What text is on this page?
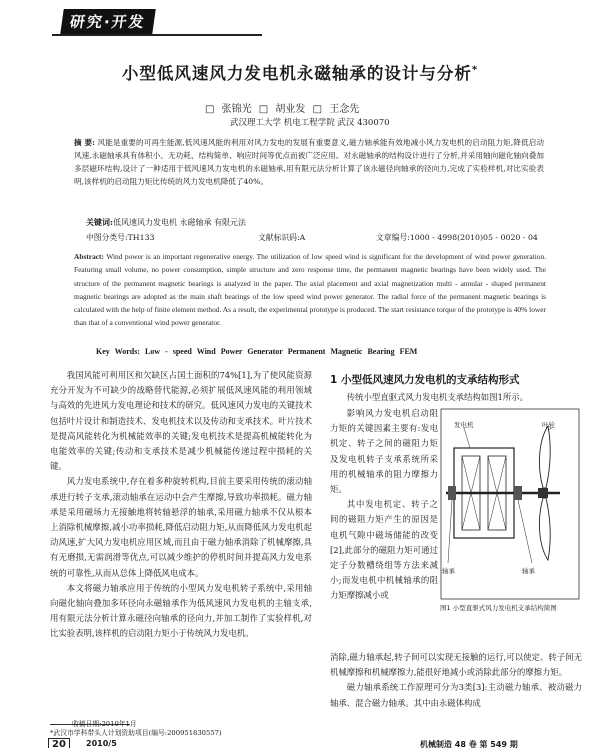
研究·开发
小型低风速风力发电机永磁轴承的设计与分析*
□ 张锦光 □ 胡业发 □ 王念先
武汉理工大学 机电工程学院 武汉 430070
摘 要: 风能是重要的可再生能源,低风速风能的利用对风力发电的发展有重要意义,磁力轴承能有效地减小风力发电机的启动阻力矩,降低启动风速,永磁轴承具有体积小、无功耗、结构简单、响应时间等优点而被广泛应用。对永磁轴承的结构设计进行了分析,并采用轴向磁化轴向叠加多层磁环结构,设计了一种适用于低风速风力发电机的永磁轴承,用有限元法分析计算了该永磁径向轴承的径向力,完成了实验样机,对比实验表明,该样机的启动阻力矩比传统的风力发电机降低了40%。
关键词:低风速风力发电机 永磁轴承 有限元法
中图分类号:TH133	文献标识码:A	文章编号:1000 - 4998(2010)05 - 0020 - 04
Abstract: Wind power is an important regenerative energy. The utilization of low speed wind is significant for the development of wind power generation. Featuring small volume, no power consumption, simple structure and zero response time, the permanent magnetic bearings have been widely used. The structure of the permanent magnetic bearings is analyzed in the paper. The axial placement and axial magnetization multi - annular - shaped permanent magnetic bearings are adopted as the main shaft bearings of the low speed wind power generator. The radial force of the permanent magnetic bearings is calculated with the help of finite element method. As a result, the experimental prototype is produced. The start resistance torque of the prototype is 40% lower than that of a conventional wind power generator.
Key Words: Low - speed Wind Power Generator Permanent Magnetic Bearing FEM

我国风能可利用区和欠缺区占国土面积的74%[1],为了使风能资源充分开发为不可缺少的战略替代能源,必须扩展低风速风能的利用领域与高效的先进风力发电理论和技术的研究。低风速风力发电的关键技术包括叶片设计和制造技术、发电机技术以及传动和支承技术。叶片技术是提高风能转化为机械能效率的关键;发电机技术是提高机械能转化为电能效率的关键;传动和支承技术是减少机械能传递过程中损耗的关键。

风力发电系统中,存在着多种旋转机构,目前主要采用传统的滚动轴承进行转子支承,滚动轴承在运动中会产生摩擦,导致功率损耗。磁力轴承是采用磁场力无接触地将转轴悬浮的轴承,采用磁力轴承不仅从根本上消除机械摩擦,减小功率损耗,降低启动阻力矩,从而降低风力发电机起动风速,扩大风力发电机应用区域,而且由于磁力轴承消除了机械摩擦,具有无磨损,无需润滑等优点,可以减少维护的停机时间并提高风力发电系统的可靠性,从而从总体上降低风电成本。

本文将磁力轴承应用于传统的小型风力发电机转子系统中,采用轴向磁化轴向叠加多环径向永磁轴承作为低风速风力发电机的主轴支承,用有限元法分析计算永磁径向轴承的径向力,并加工制作了实验样机,对比实验表明,该样机的启动阻力矩小于传统风力发电机。

1 小型低风速风力发电机的支承结构形式
传统小型直驱式风力发电机支承结构如图1所示。

影响风力发电机启动阻力矩的关键因素主要有:发电机定、转子之间的磁阻力矩及发电机转子支承系统所采用的机械轴承的阻力摩擦力矩。

其中发电机定、转子之间的磁阻力矩产生的原因是电机气隙中磁场储能的改变[2],此部分的磁阻力矩可通过定子分数槽绕组等方法来减小;而发电机中机械轴承的阻力矩摩擦减小或

发电机	叶轮
轴承	轴承
图1 小型直驱式风力发电机支承结构简图

消除,磁力轴承起,转子间可以实现无接触的运行,可以使定、转子间无机械摩擦和机械摩擦力,能很好地减小或消除此部分的摩擦力矩。

磁力轴承系统工作原理可分为3类[3]:主动磁力轴承、被动磁力轴承、混合磁力轴承。其中由永磁体构成

*武汉市学科带头人计划资助项目(编号:200951830557)
20	2010/5	机械制造 48 卷 第 549 期
收稿日期:2010年1月
